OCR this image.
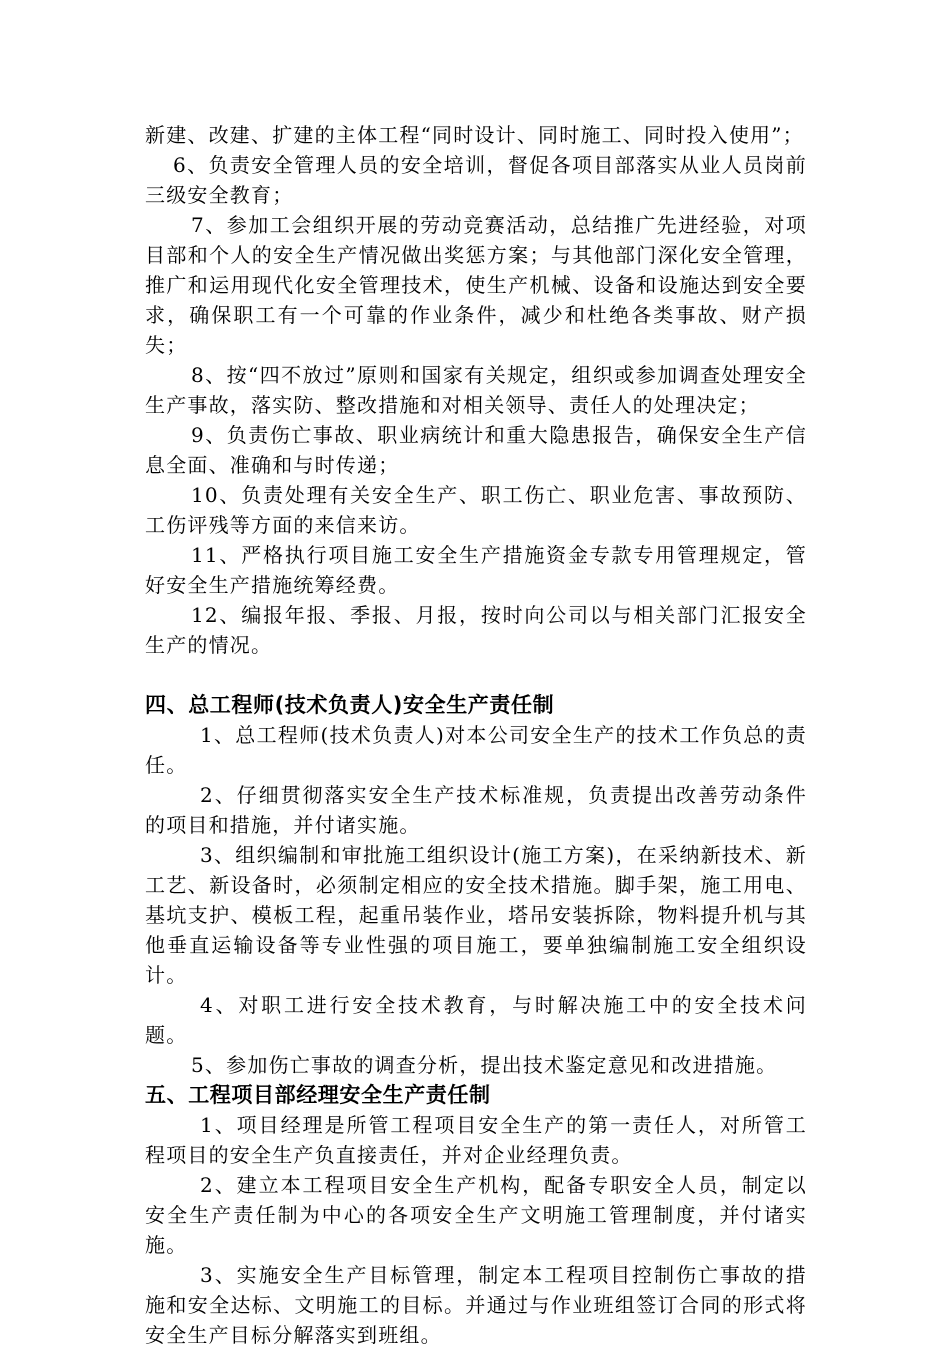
新建、改建、扩建的主体工程“同时设计、同时施工、同时投入使用”；

6、负责安全管理人员的安全培训，督促各项目部落实从业人员岗前三级安全教育；

7、参加工会组织开展的劳动竞赛活动，总结推广先进经验，对项目部和个人的安全生产情况做出奖惩方案；与其他部门深化安全管理，推广和运用现代化安全管理技术，使生产机械、设备和设施达到安全要求，确保职工有一个可靠的作业条件，减少和杜绝各类事故、财产损失；

8、按“四不放过”原则和国家有关规定，组织或参加调查处理安全生产事故，落实防、整改措施和对相关领导、责任人的处理决定；

9、负责伤亡事故、职业病统计和重大隐患报告，确保安全生产信息全面、准确和与时传递；

10、负责处理有关安全生产、职工伤亡、职业危害、事故预防、工伤评残等方面的来信来访。

11、严格执行项目施工安全生产措施资金专款专用管理规定，管好安全生产措施统筹经费。

12、编报年报、季报、月报，按时向公司以与相关部门汇报安全生产的情况。

四、总工程师(技术负责人)安全生产责任制

1、总工程师(技术负责人)对本公司安全生产的技术工作负总的责任。

2、仔细贯彻落实安全生产技术标准规，负责提出改善劳动条件的项目和措施，并付诸实施。

3、组织编制和审批施工组织设计(施工方案)，在采纳新技术、新工艺、新设备时，必须制定相应的安全技术措施。脚手架，施工用电、基坑支护、模板工程，起重吊装作业，塔吊安装拆除，物料提升机与其他垂直运输设备等专业性强的项目施工，要单独编制施工安全组织设计。

4、对职工进行安全技术教育，与时解决施工中的安全技术问题。

5、参加伤亡事故的调查分析，提出技术鉴定意见和改进措施。

五、工程项目部经理安全生产责任制

1、项目经理是所管工程项目安全生产的第一责任人，对所管工程项目的安全生产负直接责任，并对企业经理负责。

2、建立本工程项目安全生产机构，配备专职安全人员，制定以安全生产责任制为中心的各项安全生产文明施工管理制度，并付诸实施。

3、实施安全生产目标管理，制定本工程项目控制伤亡事故的措施和安全达标、文明施工的目标。并通过与作业班组签订合同的形式将安全生产目标分解落实到班组。
